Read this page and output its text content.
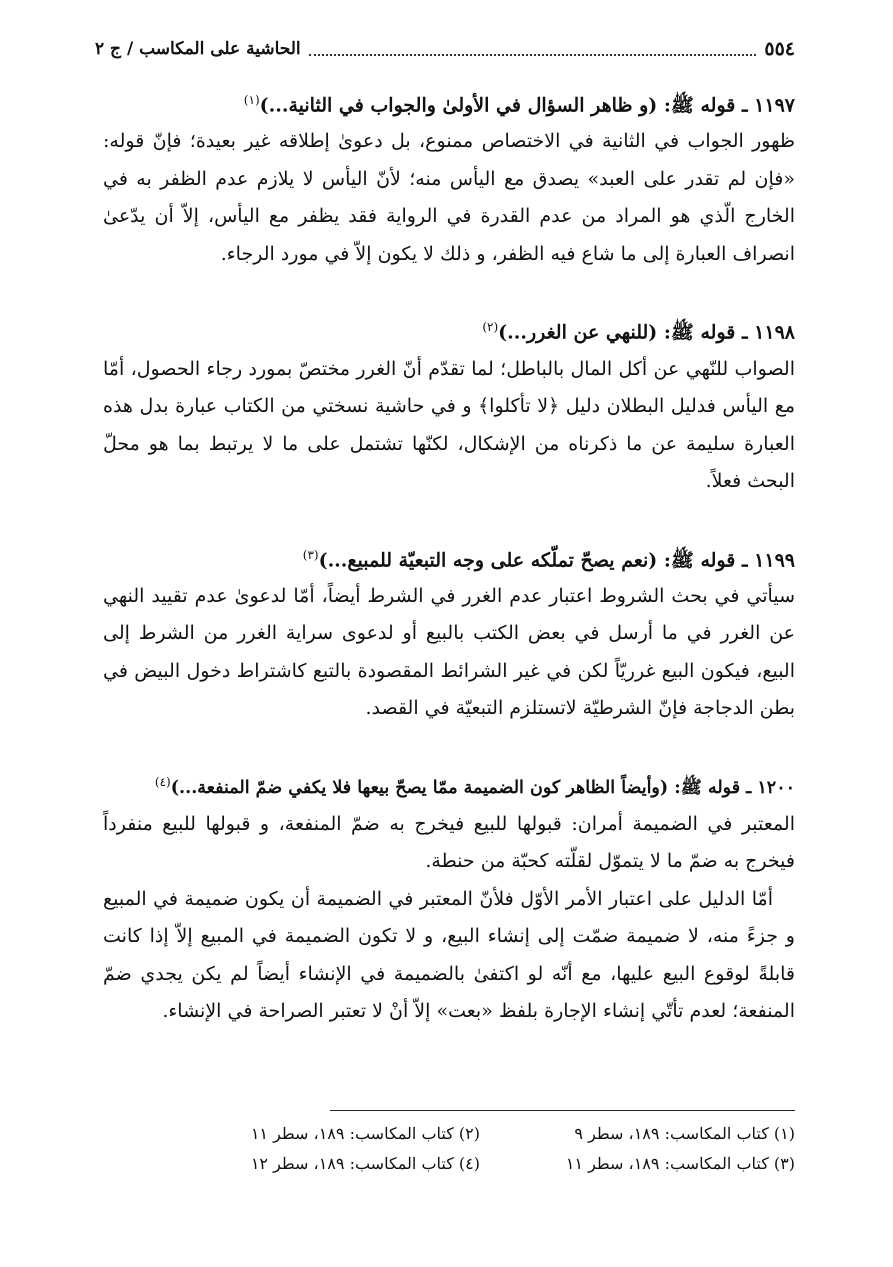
٥٥٤
الحاشية على المكاسب / ج ٢
١١٩٧ ـ قوله ﷺ: (و ظاهر السؤال في الأولىٰ والجواب في الثانية...)$^{(١)}$

ظهور الجواب في الثانية في الاختصاص ممنوع، بل دعوىٰ إطلاقه غير بعيدة؛ فإنّ قوله: «فإن لم تقدر على العبد» يصدق مع اليأس منه؛ لأنّ اليأس لا يلازم عدم الظفر به في الخارج الّذي هو المراد من عدم القدرة في الرواية فقد يظفر مع اليأس، إلاّ أن يدّعىٰ انصراف العبارة إلى ما شاع فيه الظفر، و ذلك لا يكون إلاّ في مورد الرجاء.

١١٩٨ ـ قوله ﷺ: (للنهي عن الغرر...)$^{(٢)}$

الصواب للنّهي عن أكل المال بالباطل؛ لما تقدّم أنّ الغرر مختصّ بمورد رجاء الحصول، أمّا مع اليأس فدليل البطلان دليل ﴿لا تأكلوا﴾ و في حاشية نسختي من الكتاب عبارة بدل هذه العبارة سليمة عن ما ذكرناه من الإشكال، لكنّها تشتمل على ما لا يرتبط بما هو محلّ البحث فعلاً.

١١٩٩ ـ قوله ﷺ: (نعم يصحّ تملّكه على وجه التبعيّة للمبيع...)$^{(٣)}$

سيأتي في بحث الشروط اعتبار عدم الغرر في الشرط أيضاً، أمّا لدعوىٰ عدم تقييد النهي عن الغرر في ما أرسل في بعض الكتب بالبيع أو لدعوى سراية الغرر من الشرط إلى البيع، فيكون البيع غرريّاً لكن في غير الشرائط المقصودة بالتبع كاشتراط دخول البيض في بطن الدجاجة فإنّ الشرطيّة لاتستلزم التبعيّة في القصد.

١٢٠٠ ـ قوله ﷺ: (وأيضاً الظاهر كون الضميمة ممّا يصحّ بيعها فلا يكفي ضمّ المنفعة...)$^{(٤)}$

المعتبر في الضميمة أمران: قبولها للبيع فيخرج به ضمّ المنفعة، و قبولها للبيع منفرداً فيخرج به ضمّ ما لا يتموّل لقلّته كحبّة من حنطة.

أمّا الدليل على اعتبار الأمر الأوّل فلأنّ المعتبر في الضميمة أن يكون ضميمة في المبيع و جزءً منه، لا ضميمة ضمّت إلى إنشاء البيع، و لا تكون الضميمة في المبيع إلاّ إذا كانت قابلةً لوقوع البيع عليها، مع أنّه لو اكتفىٰ بالضميمة في الإنشاء أيضاً لم يكن يجدي ضمّ المنفعة؛ لعدم تأتّي إنشاء الإجارة بلفظ «بعت» إلاّ أنْ لا تعتبر الصراحة في الإنشاء.

(١) كتاب المكاسب: ١٨٩، سطر ٩
(٢) كتاب المكاسب: ١٨٩، سطر ١١
(٣) كتاب المكاسب: ١٨٩، سطر ١١
(٤) كتاب المكاسب: ١٨٩، سطر ١٢
